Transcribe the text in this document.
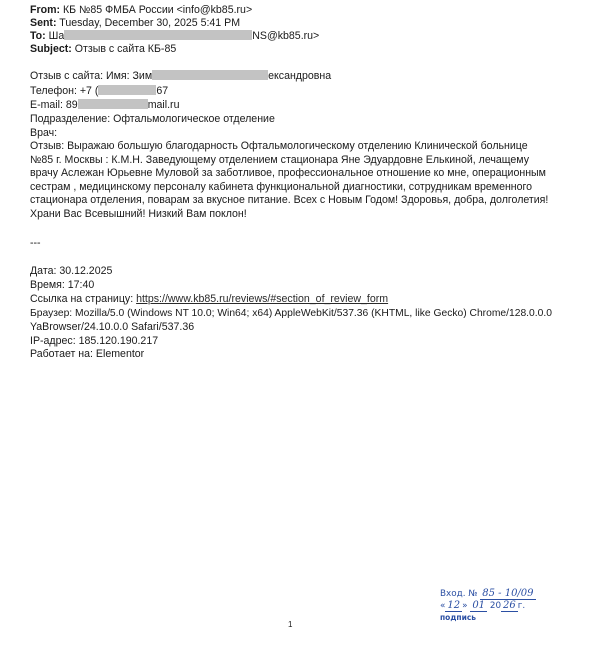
From: КБ №85 ФМБА России <info@kb85.ru>
Sent: Tuesday, December 30, 2025 5:41 PM
To: Ша	NS@kb85.ru>
Subject: Отзыв с сайта КБ-85
Отзыв с сайта: Имя: Зим	ександровна
Телефон: +7 (	67
E-mail: 89	mail.ru
Подразделение: Офтальмологическое отделение
Врач:
Отзыв: Выражаю большую благодарность Офтальмологическому отделению Клинической больнице №85 г. Москвы : К.М.Н. Заведующему отделением стационара Яне Эдуардовне Елькиной, лечащему врачу Аслежан Юрьевне Муловой за заботливое, профессиональное отношение ко мне, операционным сестрам , медицинскому персоналу кабинета функциональной диагностики, сотрудникам временного стационара отделения, поварам за вкусное питание. Всех с Новым Годом! Здоровья, добра, долголетия! Храни Вас Всевышний! Низкий Вам поклон!
---
Дата: 30.12.2025
Время: 17:40
Ссылка на страницу: https://www.kb85.ru/reviews/#section_of_review_form
Браузер: Mozilla/5.0 (Windows NT 10.0; Win64; x64) AppleWebKit/537.36 (KHTML, like Gecko) Chrome/128.0.0.0
YaBrowser/24.10.0.0 Safari/537.36
IP-адрес: 185.120.190.217
Работает на: Elementor
1
Вход. № 85 - 10/09
« 12 » 01 20 26 г.
подпись
